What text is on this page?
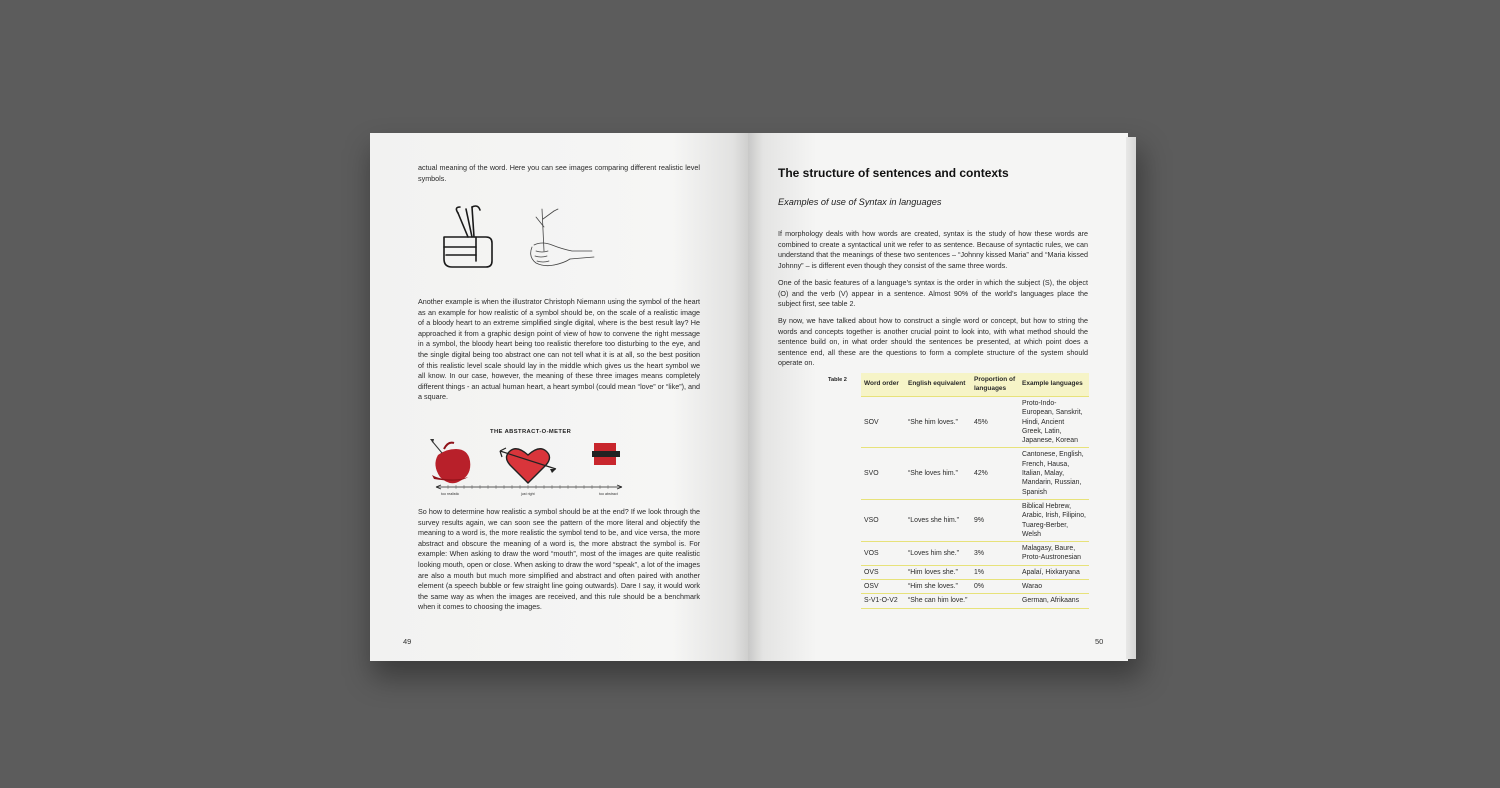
actual meaning of the word. Here you can see images comparing different realistic level symbols.
Another example is when the illustrator Christoph Niemann using the symbol of the heart as an example for how realistic of a symbol should be, on the scale of a realistic image of a bloody heart to an extreme simplified single digital, where is the best result lay? He approached it from a graphic design point of view of how to convene the right message in a symbol, the bloody heart being too realistic therefore too disturbing to the eye, and the single digital being too abstract one can not tell what it is at all, so the best position of this realistic level scale should lay in the middle which gives us the heart symbol we all know. In our case, however, the meaning of these three images means completely different things - an actual human heart, a heart symbol (could mean “love” or “like”), and a square.
THE ABSTRACT-O-METER
too realistic	just right	too abstract
So how to determine how realistic a symbol should be at the end? If we look through the survey results again, we can soon see the pattern of the more literal and objectify the meaning to a word is, the more realistic the symbol tend to be, and vice versa, the more abstract and obscure the meaning of a word is, the more abstract the symbol is. For example: When asking to draw the word “mouth”, most of the images are quite realistic looking mouth, open or close. When asking to draw the word “speak”, a lot of the images are also a mouth but much more simplified and abstract and often paired with another element (a speech bubble or few straight line going outwards). Dare I say, it would work the same way as when the images are received, and this rule should be a benchmark when it comes to choosing the images.
49
The structure of sentences and contexts
Examples of use of Syntax in languages
If morphology deals with how words are created, syntax is the study of how these words are combined to create a syntactical unit we refer to as sentence. Because of syntactic rules, we can understand that the meanings of these two sentences – “Johnny kissed Maria” and “Maria kissed Johnny” – is different even though they consist of the same three words.
One of the basic features of a language’s syntax is the order in which the subject (S), the object (O) and the verb (V) appear in a sentence. Almost 90% of the world’s languages place the subject first, see table 2.
By now, we have talked about how to construct a single word or concept, but how to string the words and concepts together is another crucial point to look into, with what method should the sentence build on, in what order should the sentences be presented, at which point does a sentence end, all these are the questions to form a complete structure of the system should operate on.
Table 2
Word order	English equivalent	Proportion of languages	Example languages
SOV	“She him loves.”	45%	Proto-Indo-European, Sanskrit, Hindi, Ancient Greek, Latin, Japanese, Korean
SVO	“She loves him.”	42%	Cantonese, English, French, Hausa, Italian, Malay, Mandarin, Russian, Spanish
VSO	“Loves she him.”	9%	Biblical Hebrew, Arabic, Irish, Filipino, Tuareg-Berber, Welsh
VOS	“Loves him she.”	3%	Malagasy, Baure, Proto-Austronesian
OVS	“Him loves she.”	1%	Apalaí, Hixkaryana
OSV	“Him she loves.”	0%	Warao
S-V1-O-V2	“She can him love.”		German, Afrikaans
50
